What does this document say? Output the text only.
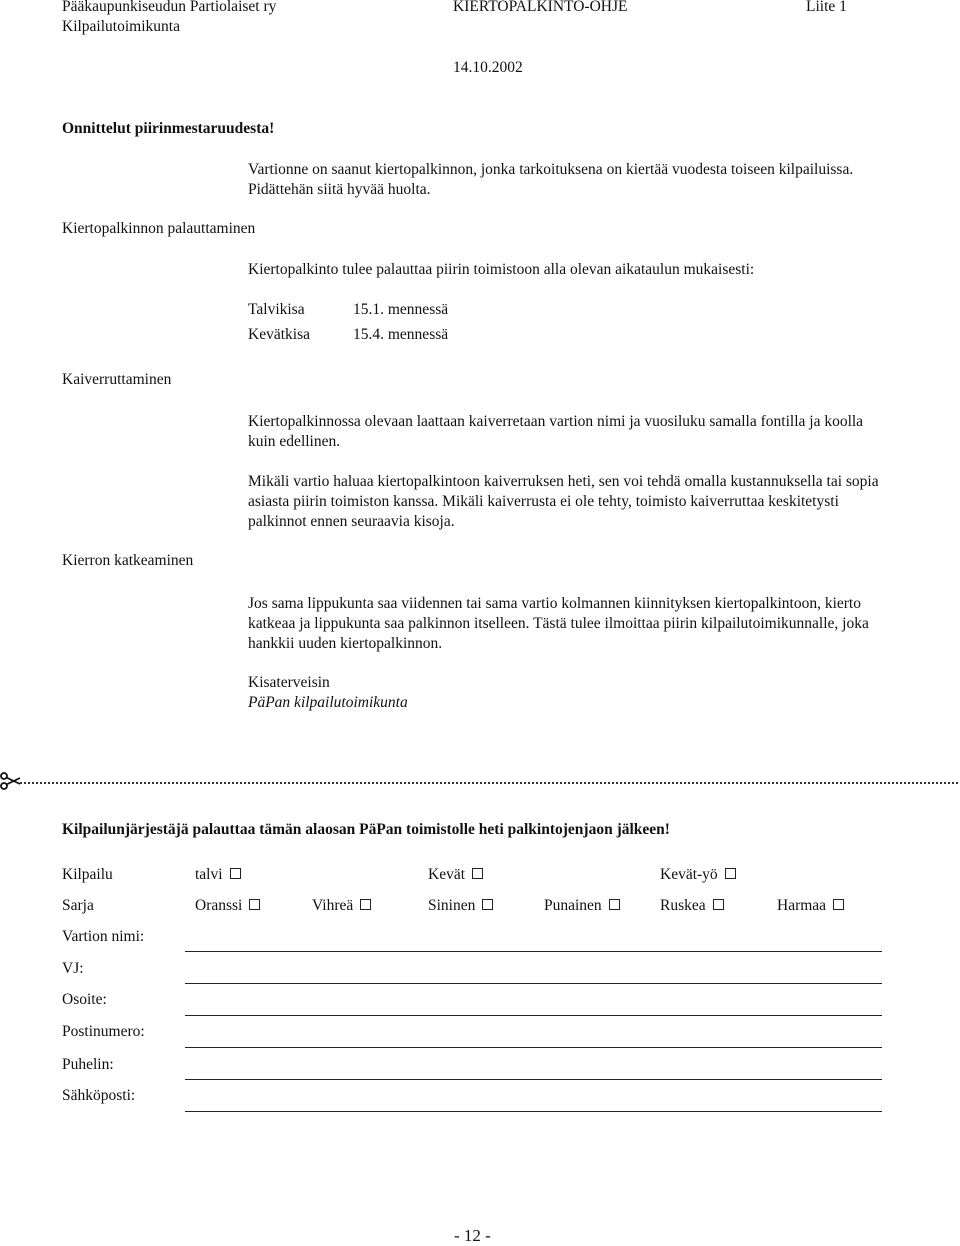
Pääkaupunkiseudun Partiolaiset ry
Kilpailutoimikunta
KIERTOPALKINTO-OHJE	Liite 1
14.10.2002
Onnittelut piirinmestaruudesta!
Vartionne on saanut kiertopalkinnon, jonka tarkoituksena on kiertää vuodesta toiseen kilpailuissa. Pidättehän siitä hyvää huolta.
Kiertopalkinnon palauttaminen
Kiertopalkinto tulee palauttaa piirin toimistoon alla olevan aikataulun mukaisesti:
Talvikisa	15.1. mennessä
Kevätkisa	15.4. mennessä
Kaiverruttaminen
Kiertopalkinnossa olevaan laattaan kaiverretaan vartion nimi ja vuosiluku samalla fontilla ja koolla kuin edellinen.
Mikäli vartio haluaa kiertopalkintoon kaiverruksen heti, sen voi tehdä omalla kustannuksella tai sopia asiasta piirin toimiston kanssa. Mikäli kaiverrusta ei ole tehty, toimisto kaiverruttaa keskitetysti palkinnot ennen seuraavia kisoja.
Kierron katkeaminen
Jos sama lippukunta saa viidennen tai sama vartio kolmannen kiinnityksen kiertopalkintoon, kierto katkeaa ja lippukunta saa palkinnon itselleen. Tästä tulee ilmoittaa piirin kilpailutoimikunnalle, joka hankkii uuden kiertopalkinnon.
Kisaterveisin
PäPan kilpailutoimikunta
Kilpailunjärjestäjä palauttaa tämän alaosan PäPan toimistolle heti palkintojenjaon jälkeen!
Kilpailu	talvi	Kevät	Kevät-yö
Sarja	Oranssi	Vihreä	Sininen	Punainen	Ruskea	Harmaa
Vartion nimi:
VJ:
Osoite:
Postinumero:
Puhelin:
Sähköposti:
- 12 -
